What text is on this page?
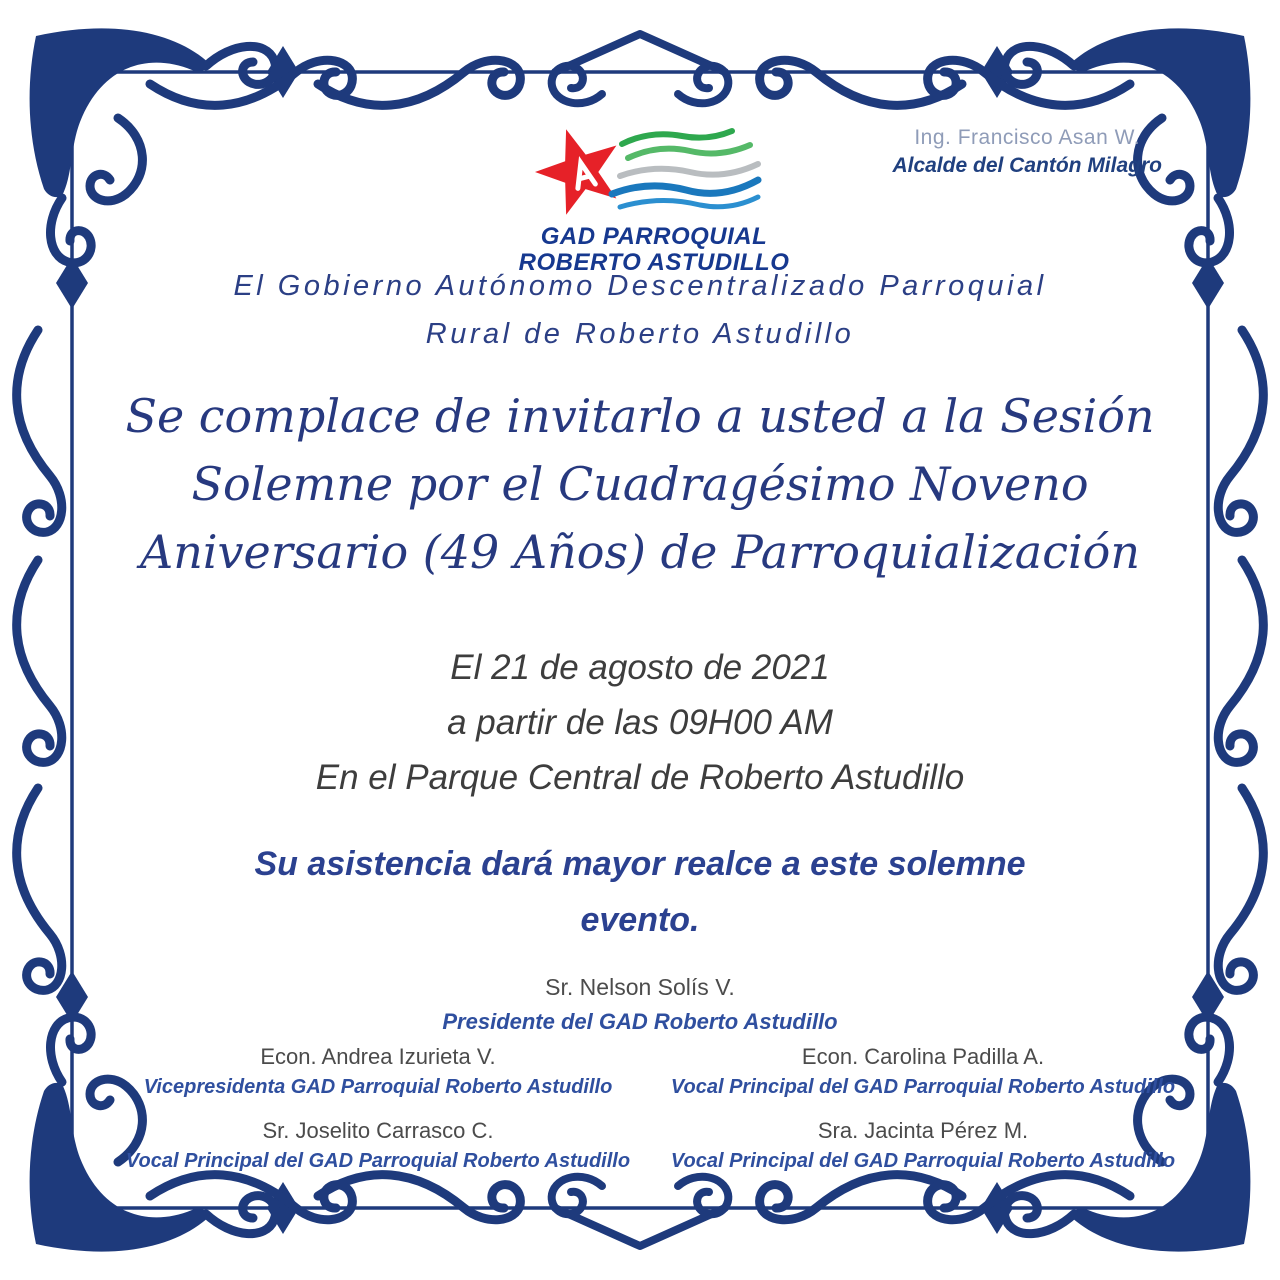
Ing. Francisco Asan W.
Alcalde del Cantón Milagro
GAD PARROQUIAL
ROBERTO ASTUDILLO
El Gobierno Autónomo Descentralizado Parroquial
Rural de Roberto Astudillo
Se complace de invitarlo a usted a la Sesión
Solemne por el Cuadragésimo Noveno
Aniversario (49 Años) de Parroquialización
El 21 de agosto de 2021
a partir de las 09H00 AM
En el Parque Central de Roberto Astudillo
Su asistencia dará mayor realce a este solemne
evento.
Sr. Nelson Solís V.
Presidente del GAD Roberto Astudillo
Econ. Andrea Izurieta V.
Vicepresidenta GAD Parroquial Roberto Astudillo
Econ. Carolina Padilla A.
Vocal Principal del GAD Parroquial Roberto Astudillo
Sr. Joselito Carrasco C.
Vocal Principal del GAD Parroquial Roberto Astudillo
Sra. Jacinta Pérez M.
Vocal Principal del GAD Parroquial Roberto Astudillo
